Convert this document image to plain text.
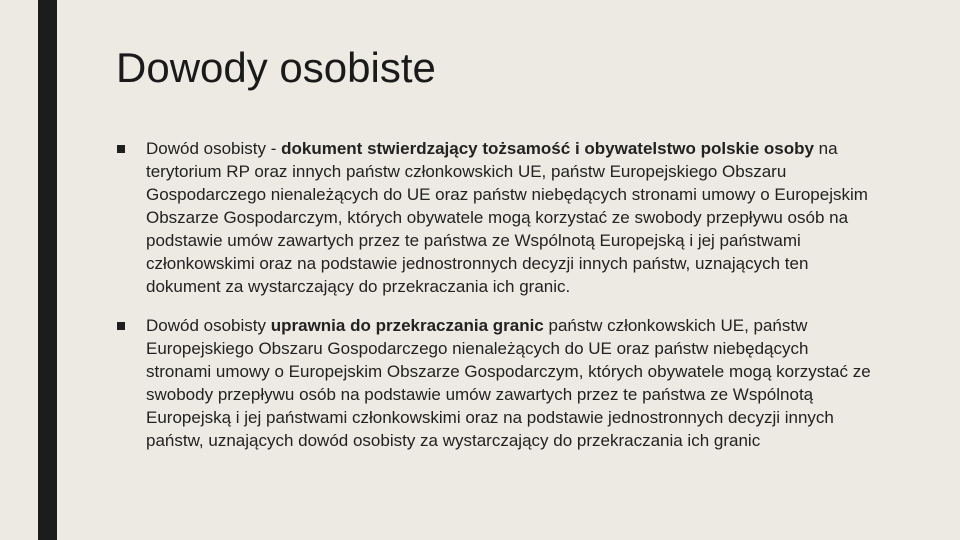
Dowody osobiste
Dowód osobisty - dokument stwierdzający tożsamość i obywatelstwo polskie osoby na terytorium RP oraz innych państw członkowskich UE, państw Europejskiego Obszaru Gospodarczego nienależących do UE oraz państw niebędących stronami umowy o Europejskim Obszarze Gospodarczym, których obywatele mogą korzystać ze swobody przepływu osób na podstawie umów zawartych przez te państwa ze Wspólnotą Europejską i jej państwami członkowskimi oraz na podstawie jednostronnych decyzji innych państw, uznających ten dokument za wystarczający do przekraczania ich granic.
Dowód osobisty uprawnia do przekraczania granic państw członkowskich UE, państw Europejskiego Obszaru Gospodarczego nienależących do UE oraz państw niebędących stronami umowy o Europejskim Obszarze Gospodarczym, których obywatele mogą korzystać ze swobody przepływu osób na podstawie umów zawartych przez te państwa ze Wspólnotą Europejską i jej państwami członkowskimi oraz na podstawie jednostronnych decyzji innych państw, uznających dowód osobisty za wystarczający do przekraczania ich granic
